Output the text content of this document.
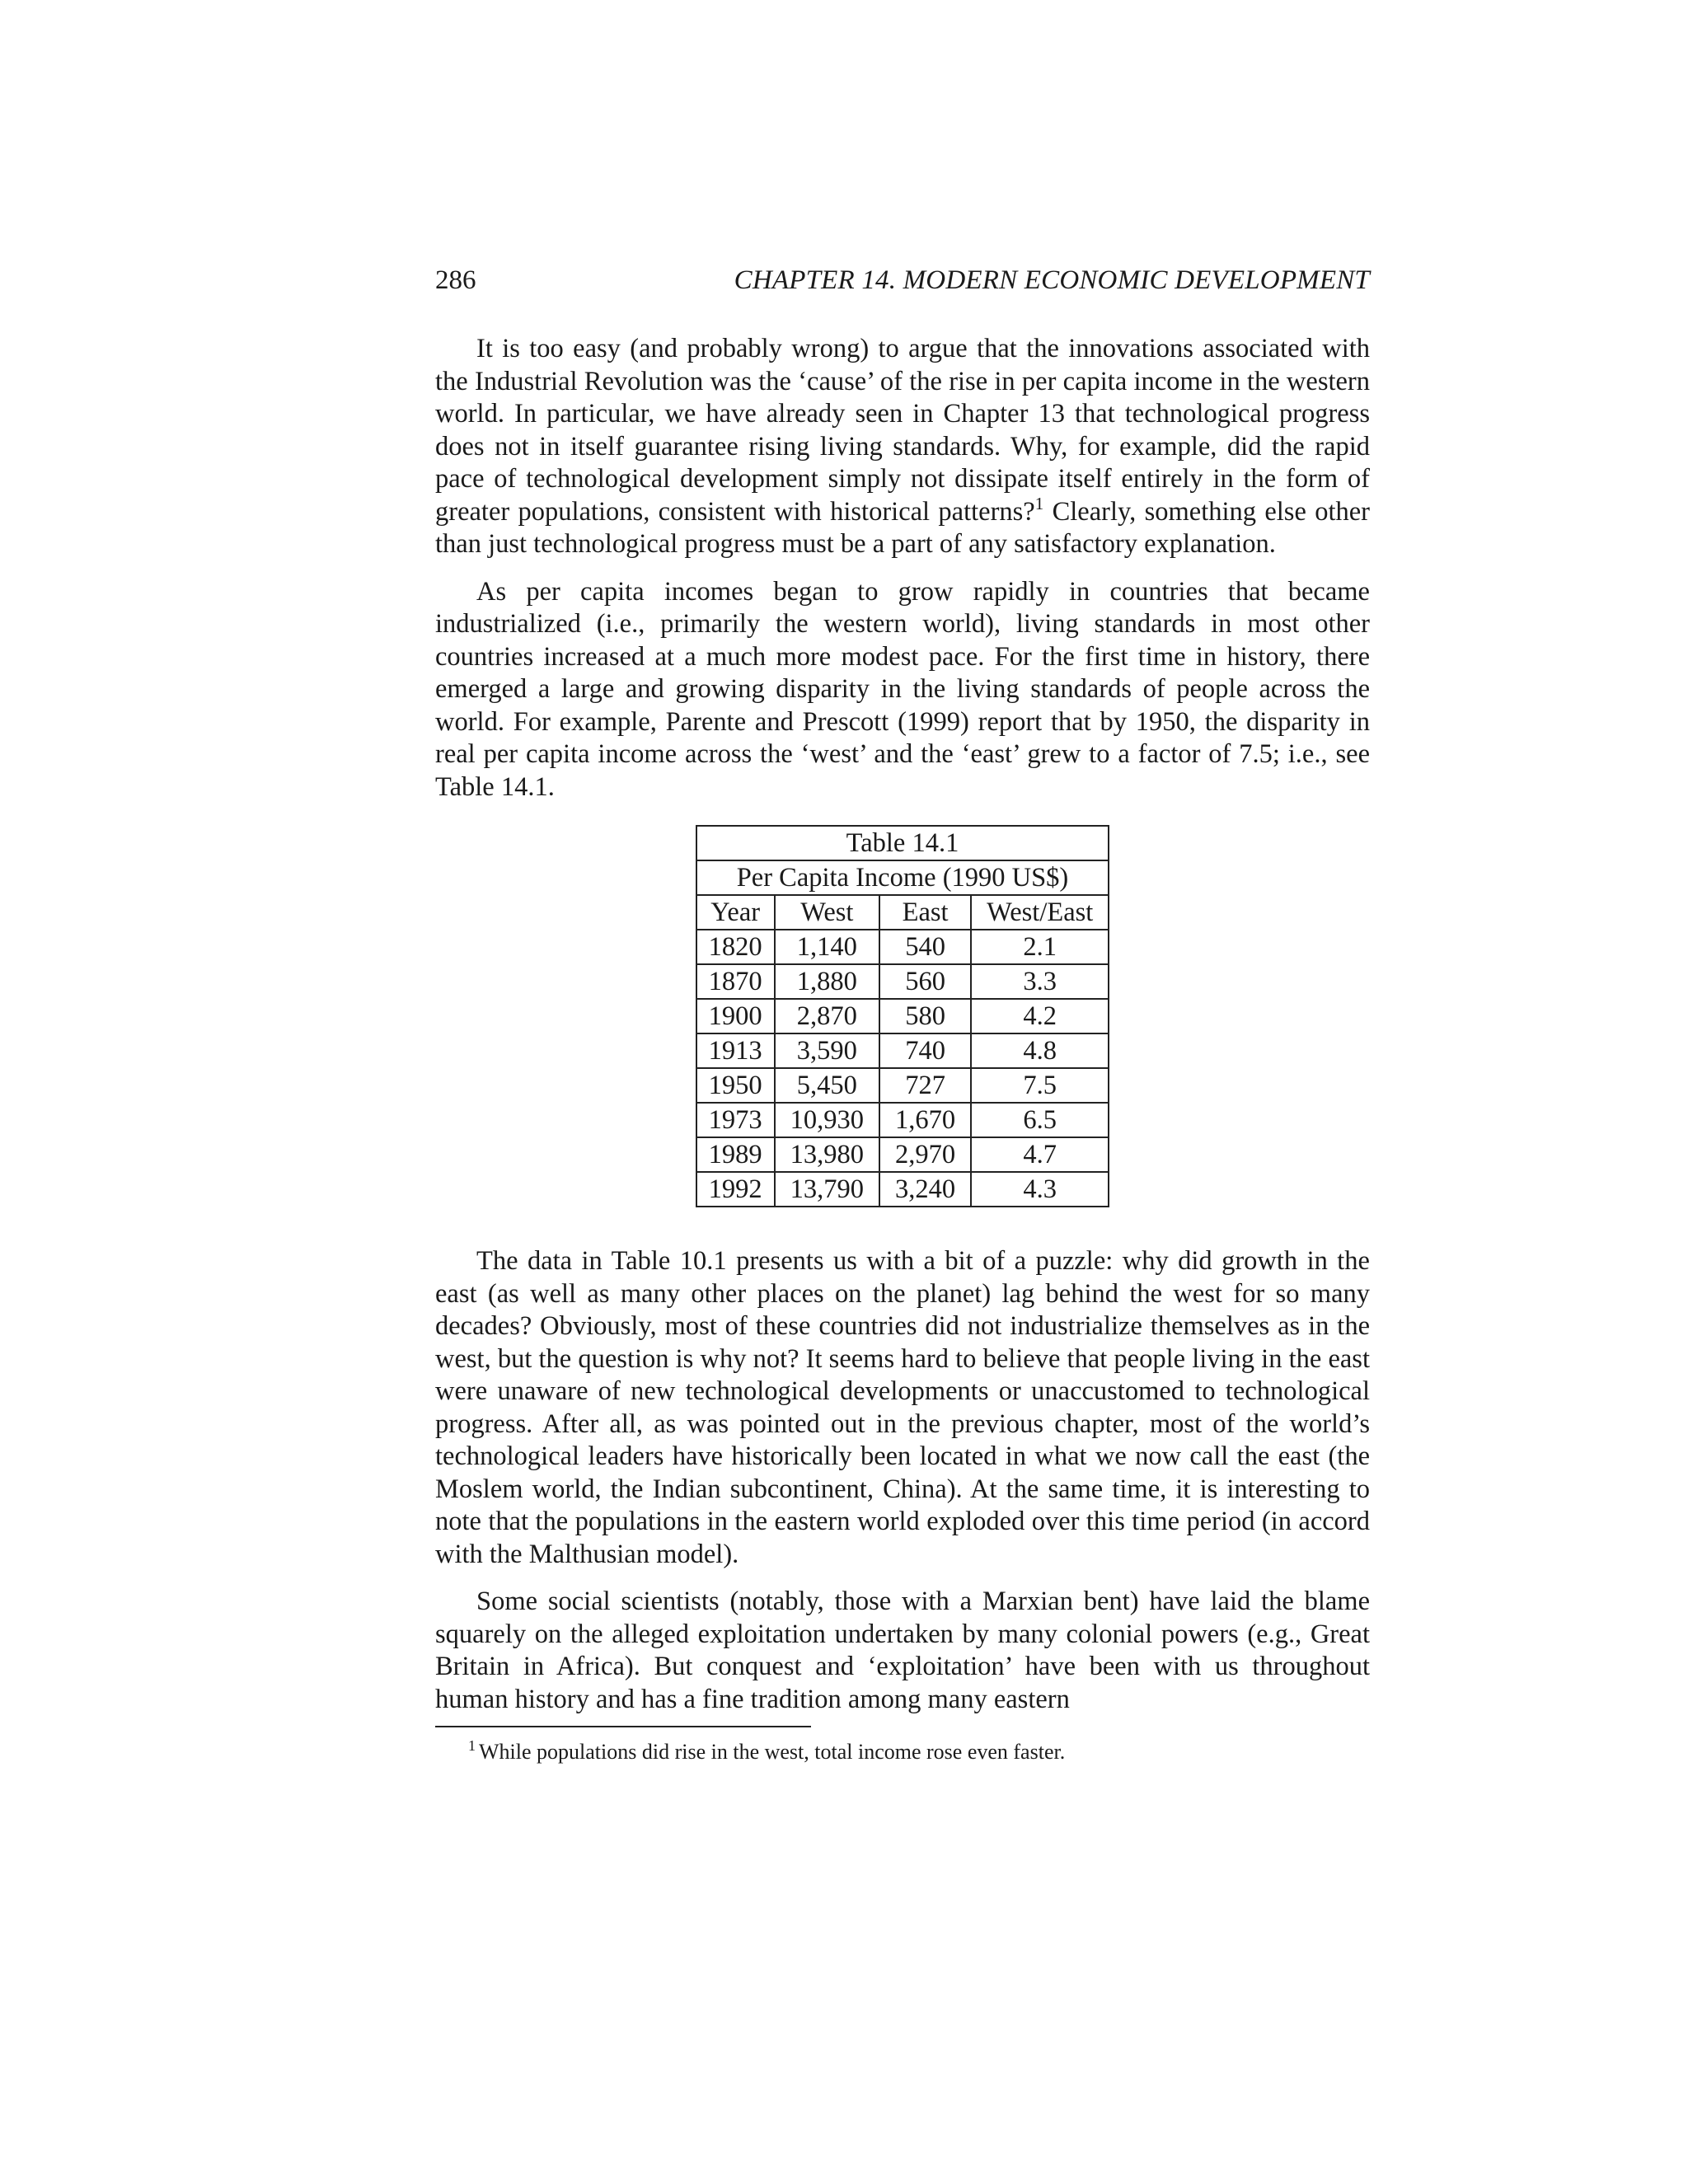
286	CHAPTER 14. MODERN ECONOMIC DEVELOPMENT

It is too easy (and probably wrong) to argue that the innovations associated with the Industrial Revolution was the ‘cause’ of the rise in per capita income in the western world. In particular, we have already seen in Chapter 13 that technological progress does not in itself guarantee rising living standards. Why, for example, did the rapid pace of technological development simply not dissipate itself entirely in the form of greater populations, consistent with historical patterns?$^1$ Clearly, something else other than just technological progress must be a part of any satisfactory explanation.

As per capita incomes began to grow rapidly in countries that became industrialized (i.e., primarily the western world), living standards in most other countries increased at a much more modest pace. For the first time in history, there emerged a large and growing disparity in the living standards of people across the world. For example, Parente and Prescott (1999) report that by 1950, the disparity in real per capita income across the ‘west’ and the ‘east’ grew to a factor of 7.5; i.e., see Table 14.1.

Table 14.1			
Per Capita Income (1990 US$)			
Year	West	East	West/East
1820	1,140	540	2.1
1870	1,880	560	3.3
1900	2,870	580	4.2
1913	3,590	740	4.8
1950	5,450	727	7.5
1973	10,930	1,670	6.5
1989	13,980	2,970	4.7
1992	13,790	3,240	4.3

The data in Table 10.1 presents us with a bit of a puzzle: why did growth in the east (as well as many other places on the planet) lag behind the west for so many decades? Obviously, most of these countries did not industrialize themselves as in the west, but the question is why not? It seems hard to believe that people living in the east were unaware of new technological developments or unaccustomed to technological progress. After all, as was pointed out in the previous chapter, most of the world’s technological leaders have historically been located in what we now call the east (the Moslem world, the Indian subcontinent, China). At the same time, it is interesting to note that the populations in the eastern world exploded over this time period (in accord with the Malthusian model).

Some social scientists (notably, those with a Marxian bent) have laid the blame squarely on the alleged exploitation undertaken by many colonial powers (e.g., Great Britain in Africa). But conquest and ‘exploitation’ have been with us throughout human history and has a fine tradition among many eastern

$^1$ While populations did rise in the west, total income rose even faster.
